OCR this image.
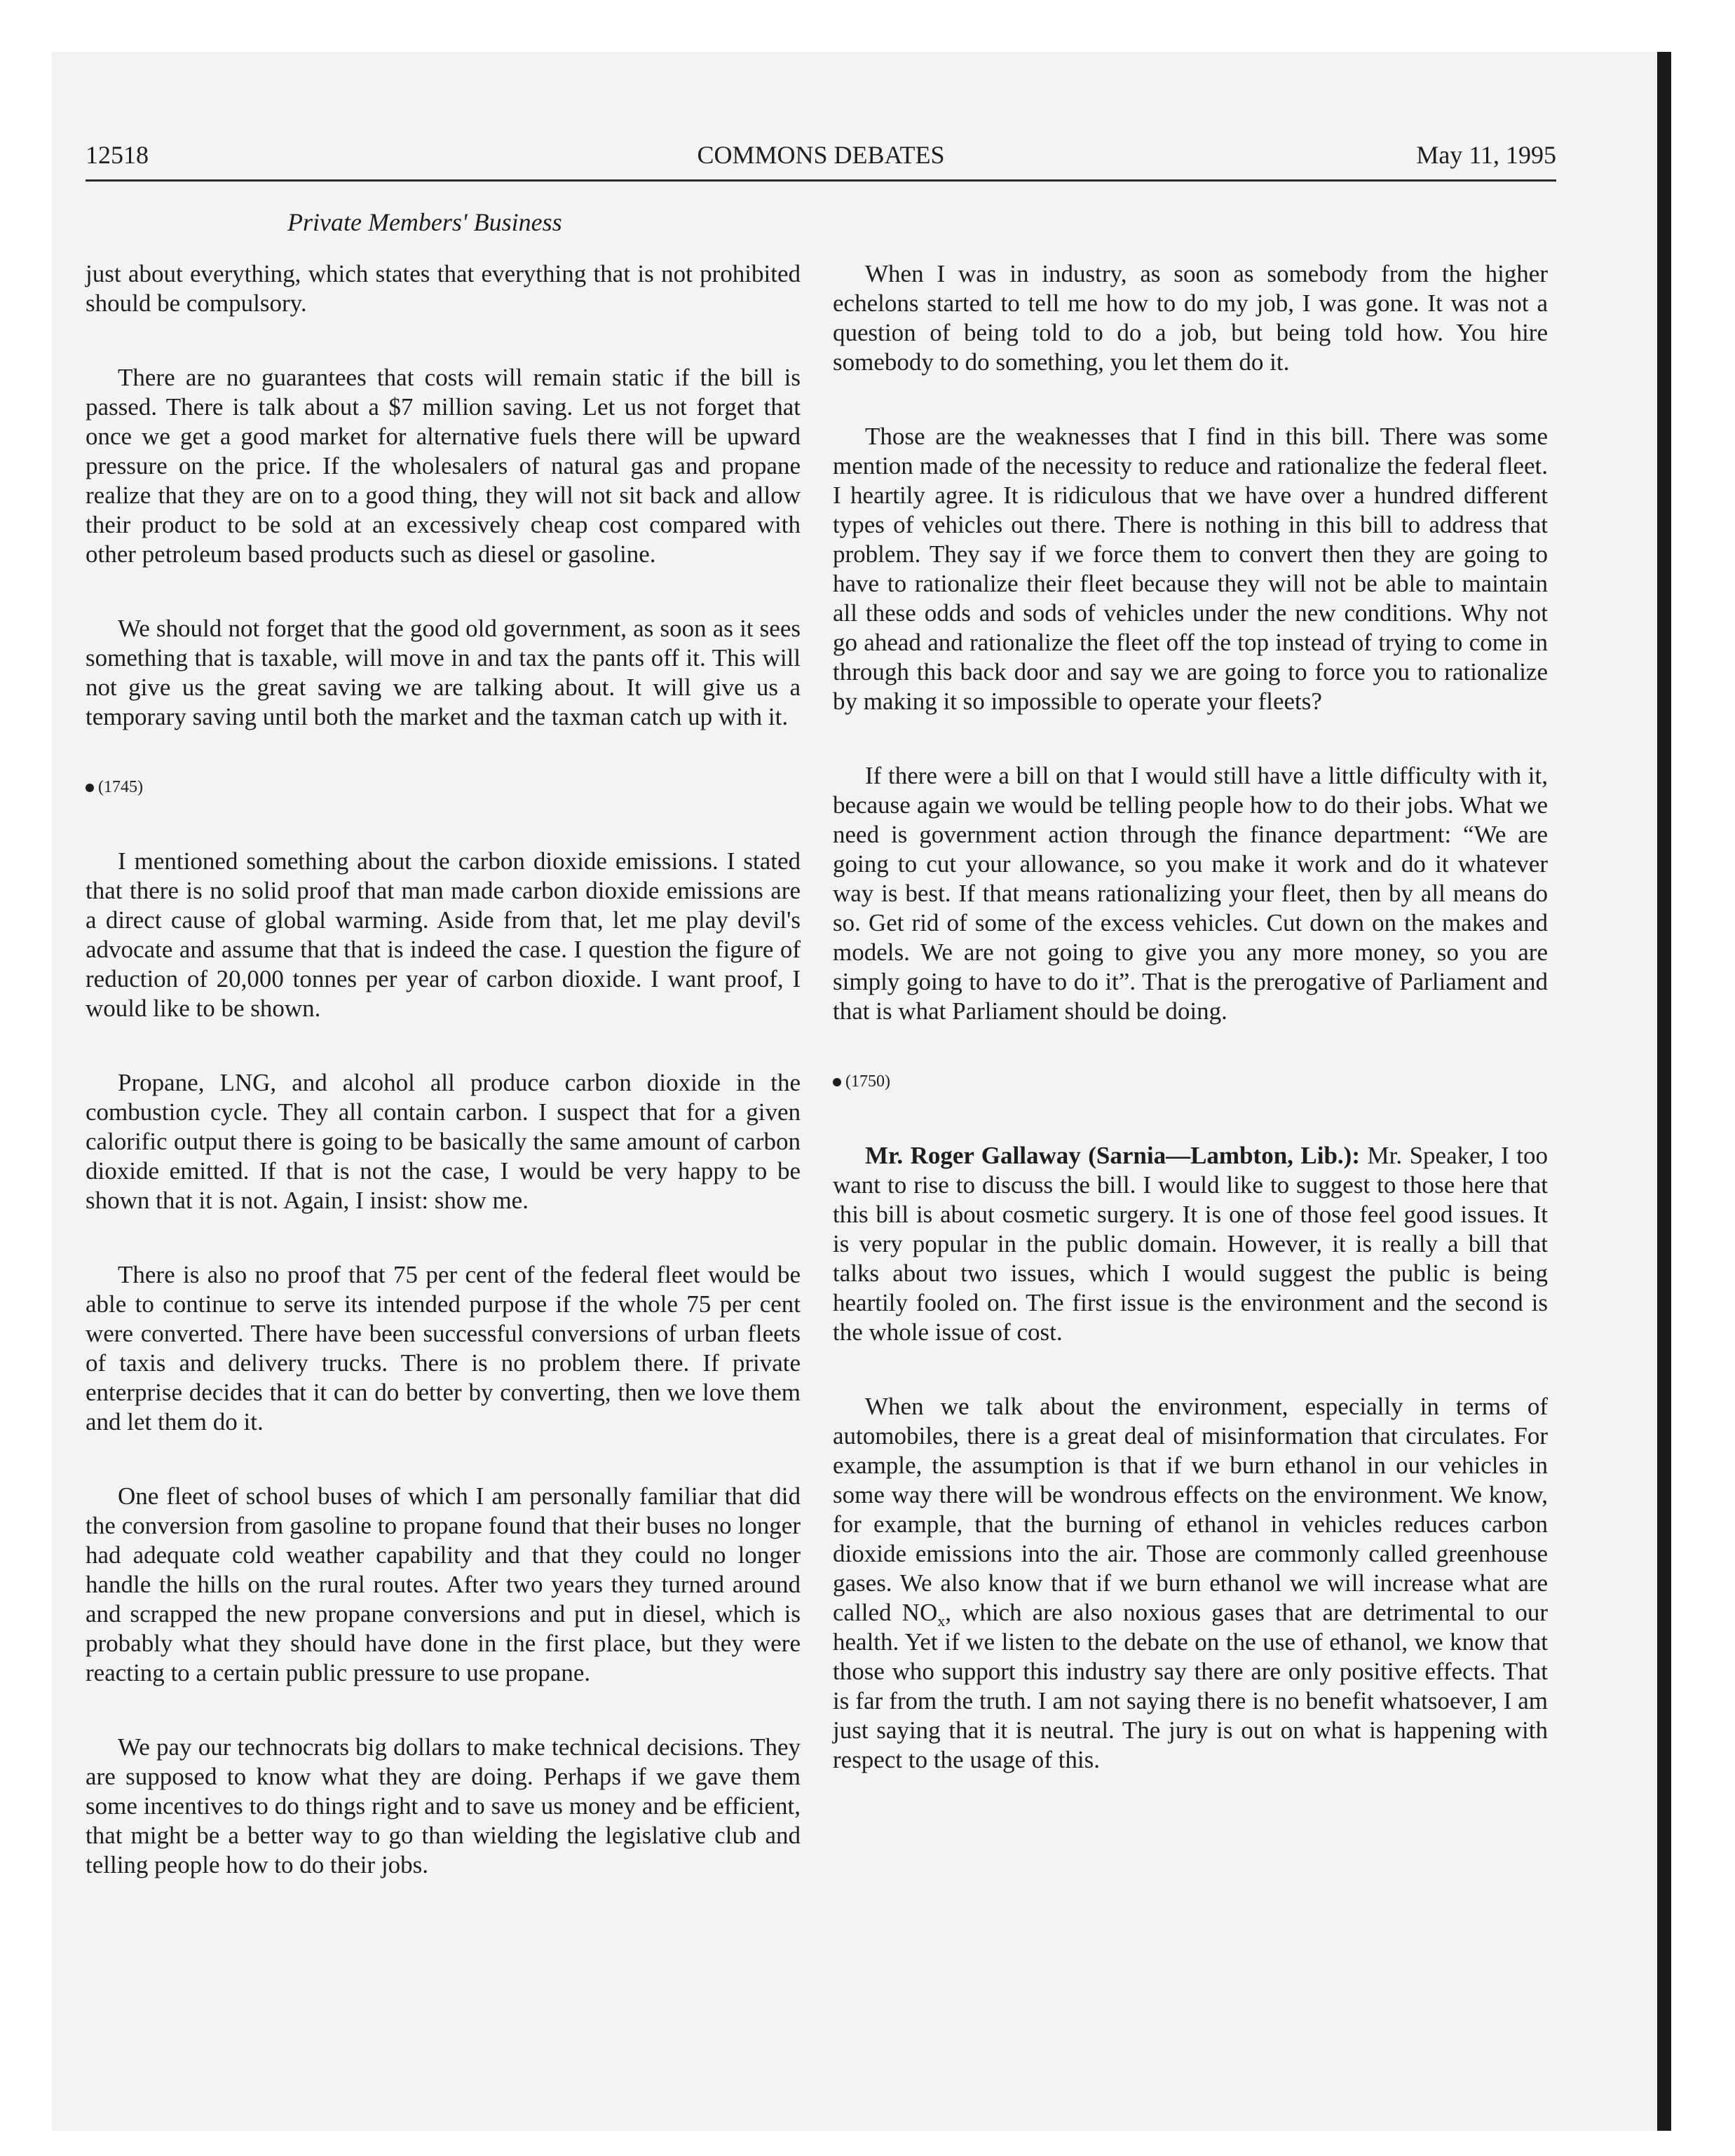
12518	COMMONS DEBATES	May 11, 1995
Private Members' Business

just about everything, which states that everything that is not prohibited should be compulsory.

There are no guarantees that costs will remain static if the bill is passed. There is talk about a $7 million saving. Let us not forget that once we get a good market for alternative fuels there will be upward pressure on the price. If the wholesalers of natural gas and propane realize that they are on to a good thing, they will not sit back and allow their product to be sold at an excessively cheap cost compared with other petroleum based products such as diesel or gasoline.

We should not forget that the good old government, as soon as it sees something that is taxable, will move in and tax the pants off it. This will not give us the great saving we are talking about. It will give us a temporary saving until both the market and the taxman catch up with it.

(1745)

I mentioned something about the carbon dioxide emissions. I stated that there is no solid proof that man made carbon dioxide emissions are a direct cause of global warming. Aside from that, let me play devil's advocate and assume that that is indeed the case. I question the figure of reduction of 20,000 tonnes per year of carbon dioxide. I want proof, I would like to be shown.

Propane, LNG, and alcohol all produce carbon dioxide in the combustion cycle. They all contain carbon. I suspect that for a given calorific output there is going to be basically the same amount of carbon dioxide emitted. If that is not the case, I would be very happy to be shown that it is not. Again, I insist: show me.

There is also no proof that 75 per cent of the federal fleet would be able to continue to serve its intended purpose if the whole 75 per cent were converted. There have been successful conversions of urban fleets of taxis and delivery trucks. There is no problem there. If private enterprise decides that it can do better by converting, then we love them and let them do it.

One fleet of school buses of which I am personally familiar that did the conversion from gasoline to propane found that their buses no longer had adequate cold weather capability and that they could no longer handle the hills on the rural routes. After two years they turned around and scrapped the new propane conversions and put in diesel, which is probably what they should have done in the first place, but they were reacting to a certain public pressure to use propane.

We pay our technocrats big dollars to make technical decisions. They are supposed to know what they are doing. Perhaps if we gave them some incentives to do things right and to save us money and be efficient, that might be a better way to go than wielding the legislative club and telling people how to do their jobs.

When I was in industry, as soon as somebody from the higher echelons started to tell me how to do my job, I was gone. It was not a question of being told to do a job, but being told how. You hire somebody to do something, you let them do it.

Those are the weaknesses that I find in this bill. There was some mention made of the necessity to reduce and rationalize the federal fleet. I heartily agree. It is ridiculous that we have over a hundred different types of vehicles out there. There is nothing in this bill to address that problem. They say if we force them to convert then they are going to have to rationalize their fleet because they will not be able to maintain all these odds and sods of vehicles under the new conditions. Why not go ahead and rationalize the fleet off the top instead of trying to come in through this back door and say we are going to force you to rationalize by making it so impossible to operate your fleets?

If there were a bill on that I would still have a little difficulty with it, because again we would be telling people how to do their jobs. What we need is government action through the finance department: “We are going to cut your allowance, so you make it work and do it whatever way is best. If that means rationalizing your fleet, then by all means do so. Get rid of some of the excess vehicles. Cut down on the makes and models. We are not going to give you any more money, so you are simply going to have to do it”. That is the prerogative of Parliament and that is what Parliament should be doing.

(1750)

Mr. Roger Gallaway (Sarnia—Lambton, Lib.): Mr. Speaker, I too want to rise to discuss the bill. I would like to suggest to those here that this bill is about cosmetic surgery. It is one of those feel good issues. It is very popular in the public domain. However, it is really a bill that talks about two issues, which I would suggest the public is being heartily fooled on. The first issue is the environment and the second is the whole issue of cost.

When we talk about the environment, especially in terms of automobiles, there is a great deal of misinformation that circulates. For example, the assumption is that if we burn ethanol in our vehicles in some way there will be wondrous effects on the environment. We know, for example, that the burning of ethanol in vehicles reduces carbon dioxide emissions into the air. Those are commonly called greenhouse gases. We also know that if we burn ethanol we will increase what are called $NO_x$, which are also noxious gases that are detrimental to our health. Yet if we listen to the debate on the use of ethanol, we know that those who support this industry say there are only positive effects. That is far from the truth. I am not saying there is no benefit whatsoever, I am just saying that it is neutral. The jury is out on what is happening with respect to the usage of this.
